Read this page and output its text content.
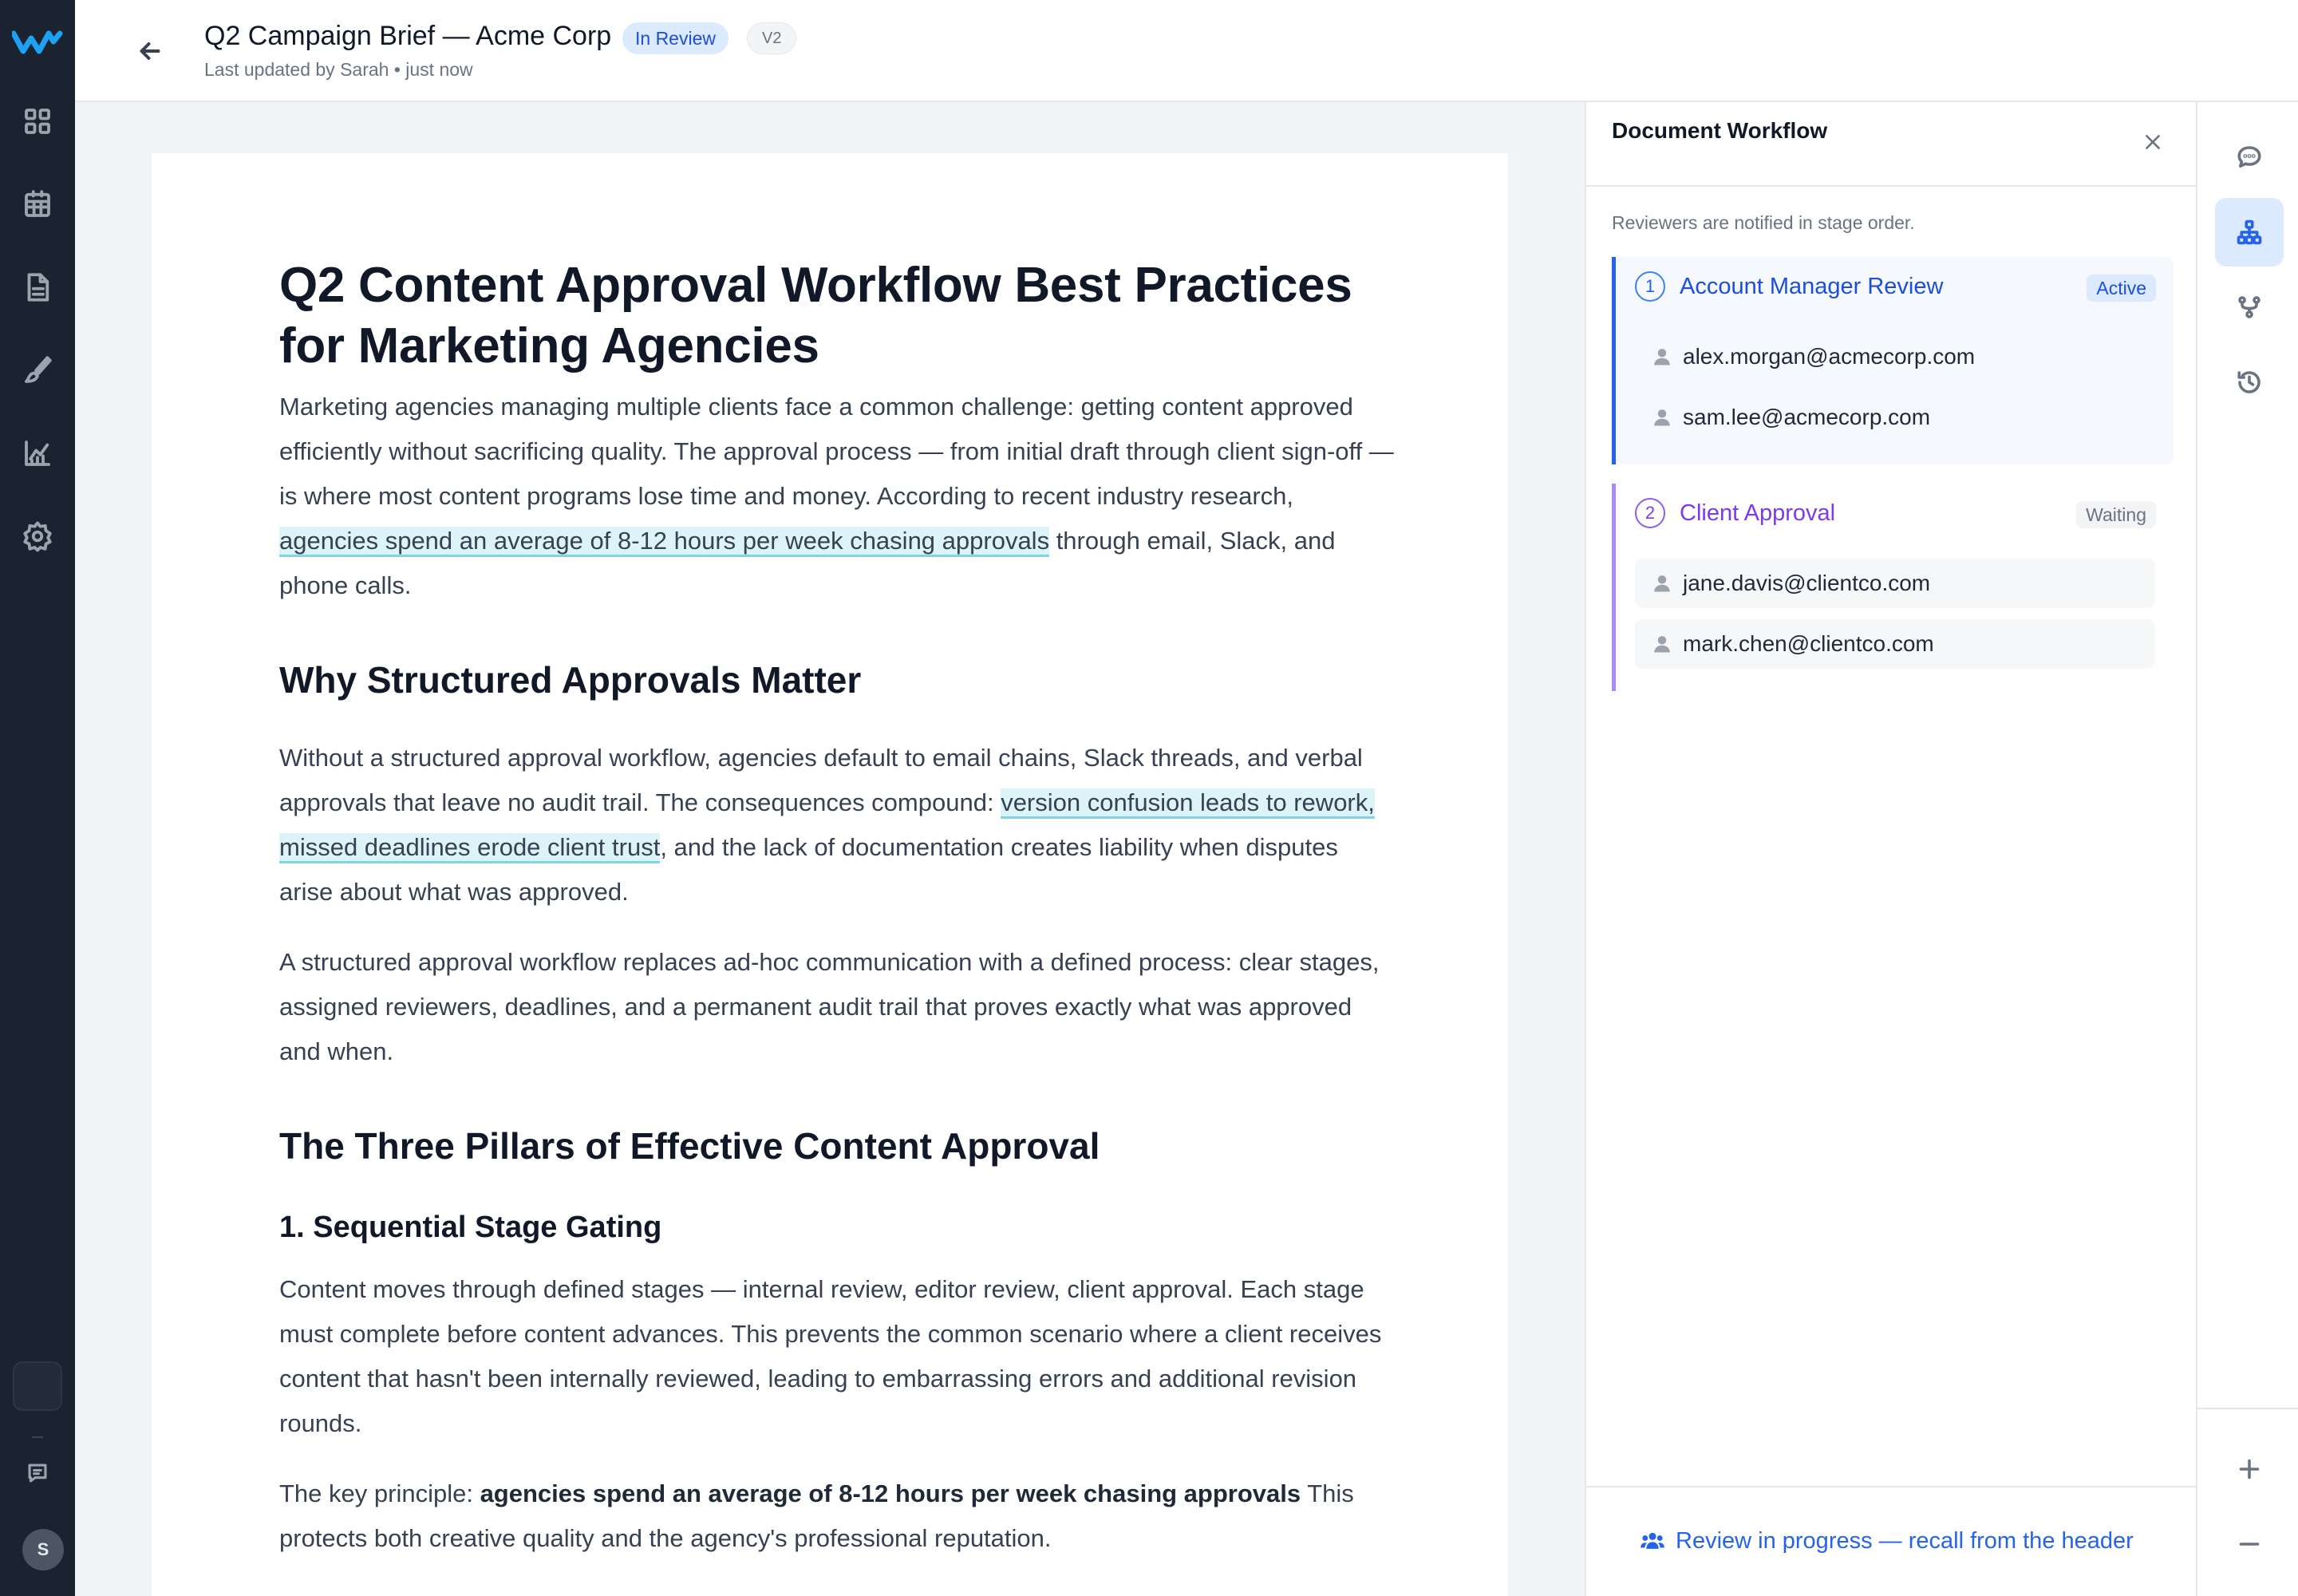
S
Q2 Campaign Brief — Acme Corp	In Review	V2
Last updated by Sarah • just now
Q2 Content Approval Workflow Best Practices for Marketing Agencies

Marketing agencies managing multiple clients face a common challenge: getting content approved efficiently without sacrificing quality. The approval process — from initial draft through client sign-off — is where most content programs lose time and money. According to recent industry research, agencies spend an average of 8-12 hours per week chasing approvals through email, Slack, and phone calls.

Why Structured Approvals Matter

Without a structured approval workflow, agencies default to email chains, Slack threads, and verbal approvals that leave no audit trail. The consequences compound: version confusion leads to rework, missed deadlines erode client trust, and the lack of documentation creates liability when disputes arise about what was approved.

A structured approval workflow replaces ad-hoc communication with a defined process: clear stages, assigned reviewers, deadlines, and a permanent audit trail that proves exactly what was approved and when.

The Three Pillars of Effective Content Approval
1. Sequential Stage Gating

Content moves through defined stages — internal review, editor review, client approval. Each stage must complete before content advances. This prevents the common scenario where a client receives content that hasn't been internally reviewed, leading to embarrassing errors and additional revision rounds.

The key principle: agencies spend an average of 8-12 hours per week chasing approvals This protects both creative quality and the agency's professional reputation.

Document Workflow
Reviewers are notified in stage order.
1	Account Manager Review	Active
alex.morgan@acmecorp.com
sam.lee@acmecorp.com
2	Client Approval	Waiting
jane.davis@clientco.com
mark.chen@clientco.com
Review in progress — recall from the header
